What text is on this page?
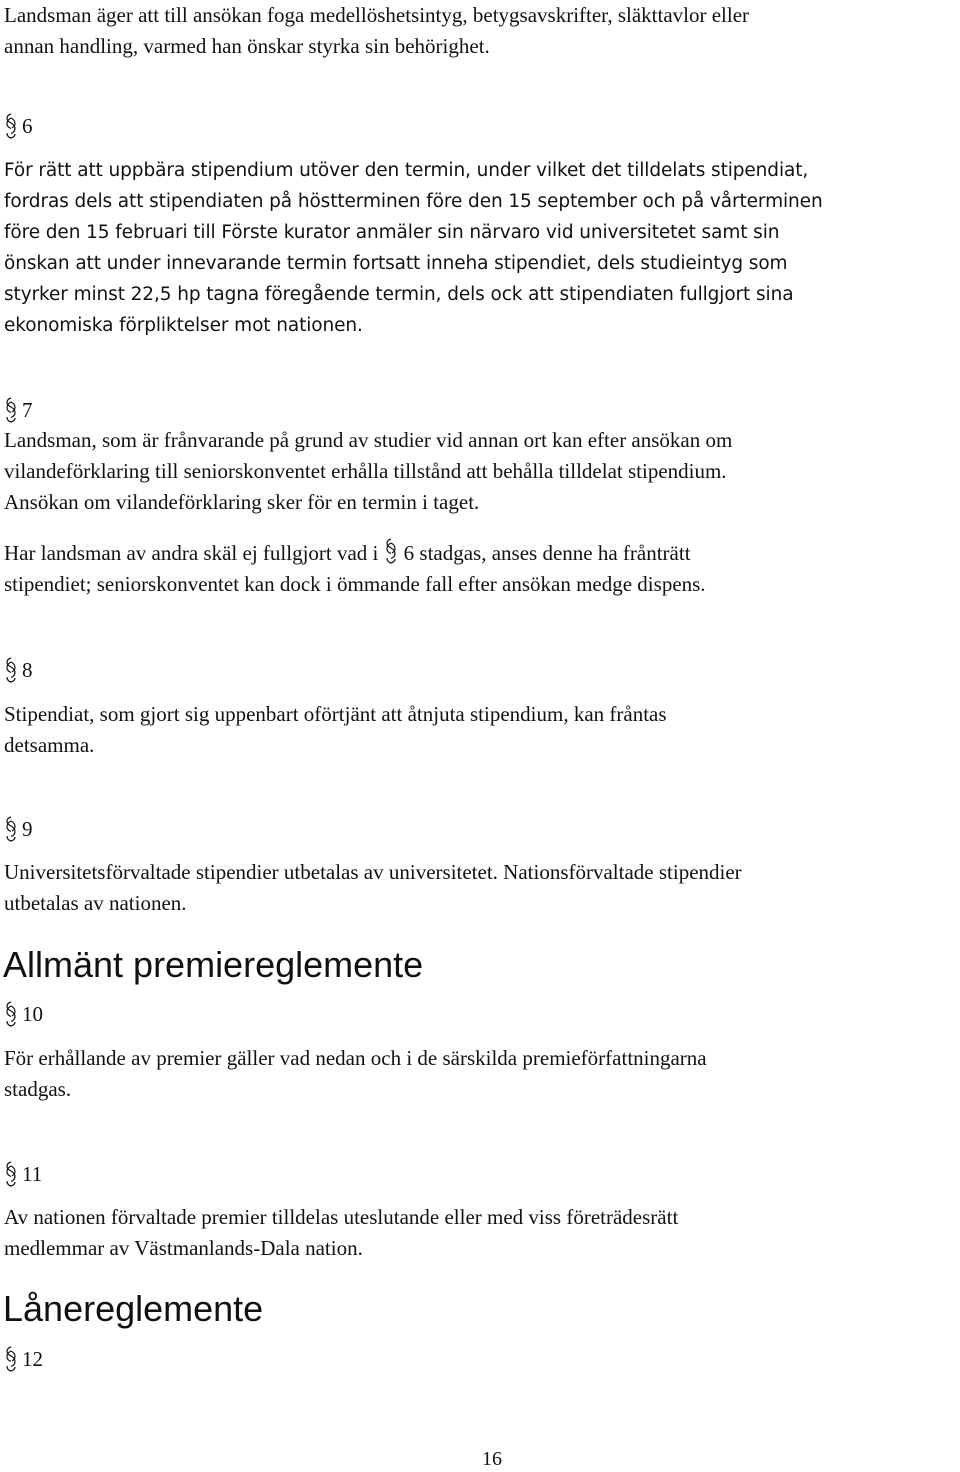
Landsman äger att till ansökan foga medellöshetsintyg, betygsavskrifter, släkttavlor eller
annan handling, varmed han önskar styrka sin behörighet.
6
För rätt att uppbära stipendium utöver den termin, under vilket det tilldelats stipendiat,
fordras dels att stipendiaten på höstterminen före den 15 september och på vårterminen
före den 15 februari till Förste kurator anmäler sin närvaro vid universitetet samt sin
önskan att under innevarande termin fortsatt inneha stipendiet, dels studieintyg som
styrker minst 22,5 hp tagna föregående termin, dels ock att stipendiaten fullgjort sina
ekonomiska förpliktelser mot nationen.
7
Landsman, som är frånvarande på grund av studier vid annan ort kan efter ansökan om
vilandeförklaring till seniorskonventet erhålla tillstånd att behålla tilldelat stipendium.
Ansökan om vilandeförklaring sker för en termin i taget.
Har landsman av andra skäl ej fullgjort vad i 6 stadgas, anses denne ha frånträtt
stipendiet; seniorskonventet kan dock i ömmande fall efter ansökan medge dispens.
8
Stipendiat, som gjort sig uppenbart oförtjänt att åtnjuta stipendium, kan fråntas
detsamma.
9
Universitetsförvaltade stipendier utbetalas av universitetet. Nationsförvaltade stipendier
utbetalas av nationen.
Allmänt premiereglemente
10
För erhållande av premier gäller vad nedan och i de särskilda premieförfattningarna
stadgas.
11
Av nationen förvaltade premier tilldelas uteslutande eller med viss företrädesrätt
medlemmar av Västmanlands-Dala nation.
Lånereglemente
12
16
